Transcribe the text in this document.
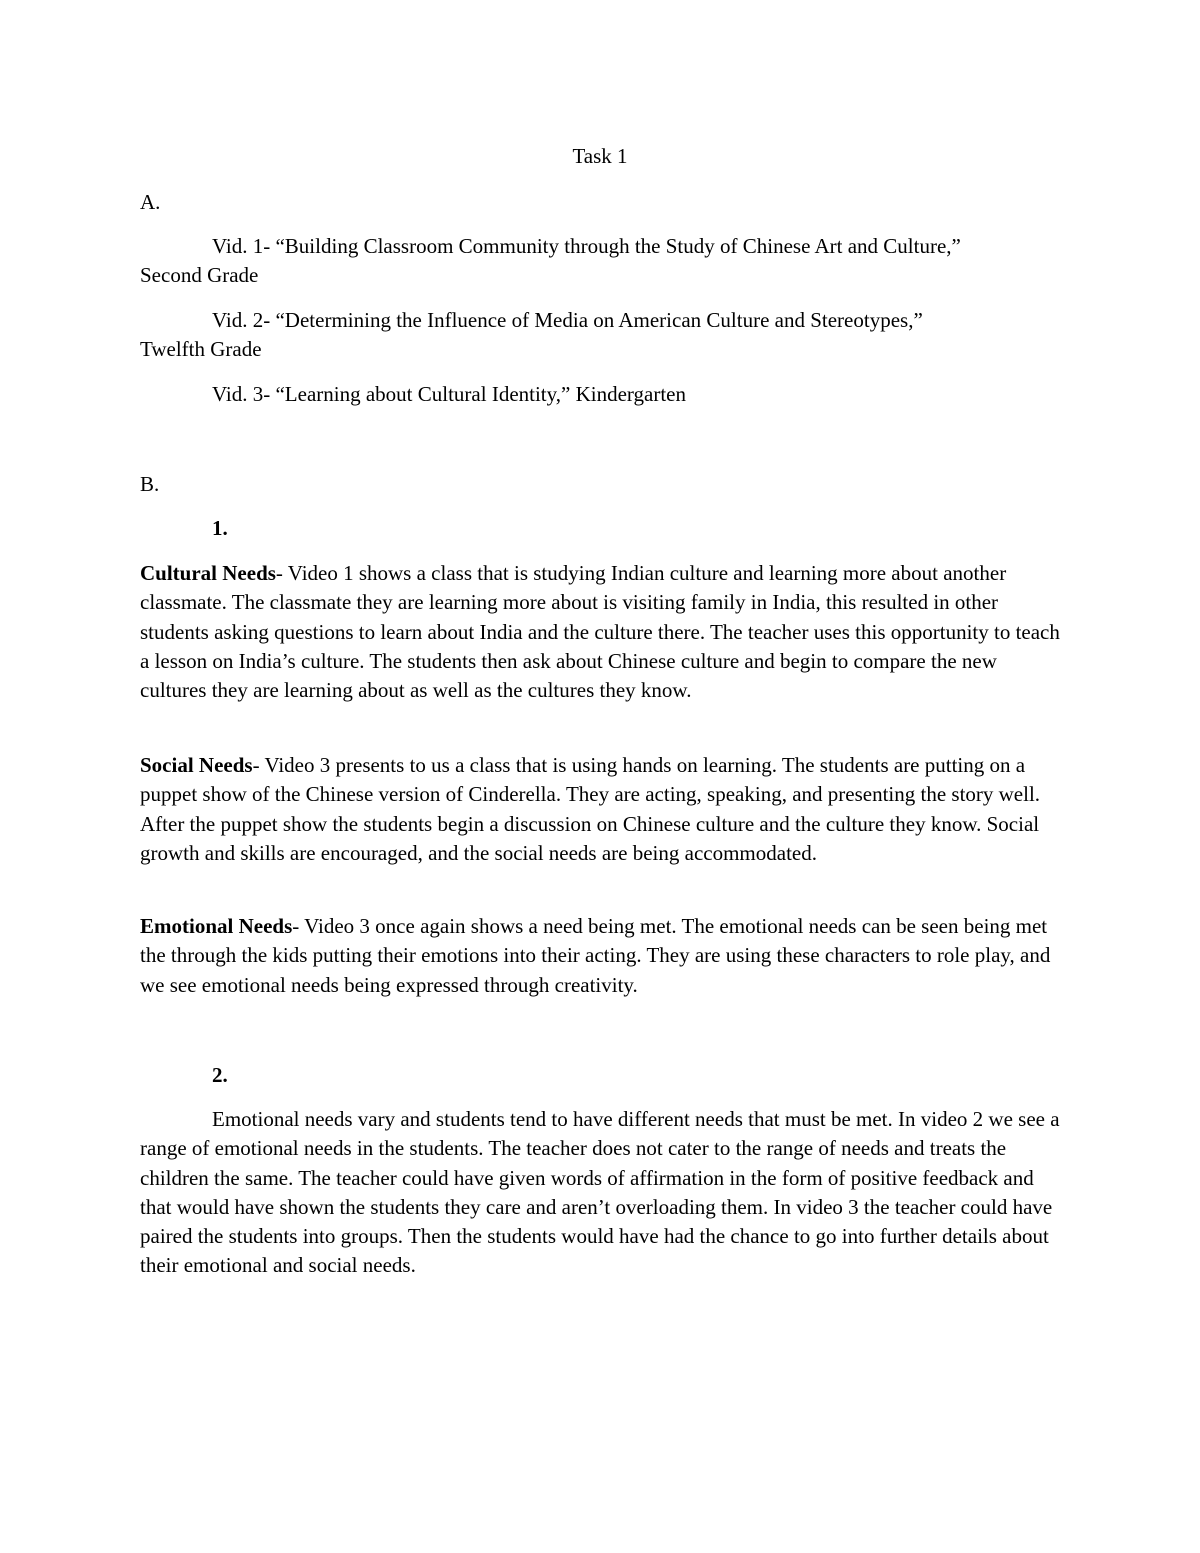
Task 1
A.
Vid. 1- “Building Classroom Community through the Study of Chinese Art and Culture,”
Second Grade
Vid. 2- “Determining the Influence of Media on American Culture and Stereotypes,”
Twelfth Grade
Vid. 3- “Learning about Cultural Identity,” Kindergarten
B.
1.

Cultural Needs- Video 1 shows a class that is studying Indian culture and learning more about another classmate. The classmate they are learning more about is visiting family in India, this resulted in other students asking questions to learn about India and the culture there. The teacher uses this opportunity to teach a lesson on India’s culture. The students then ask about Chinese culture and begin to compare the new cultures they are learning about as well as the cultures they know.

Social Needs- Video 3 presents to us a class that is using hands on learning. The students are putting on a puppet show of the Chinese version of Cinderella. They are acting, speaking, and presenting the story well. After the puppet show the students begin a discussion on Chinese culture and the culture they know. Social growth and skills are encouraged, and the social needs are being accommodated.

Emotional Needs- Video 3 once again shows a need being met. The emotional needs can be seen being met the through the kids putting their emotions into their acting. They are using these characters to role play, and we see emotional needs being expressed through creativity.

2.

Emotional needs vary and students tend to have different needs that must be met. In video 2 we see a range of emotional needs in the students. The teacher does not cater to the range of needs and treats the children the same. The teacher could have given words of affirmation in the form of positive feedback and that would have shown the students they care and aren’t overloading them. In video 3 the teacher could have paired the students into groups. Then the students would have had the chance to go into further details about their emotional and social needs.
